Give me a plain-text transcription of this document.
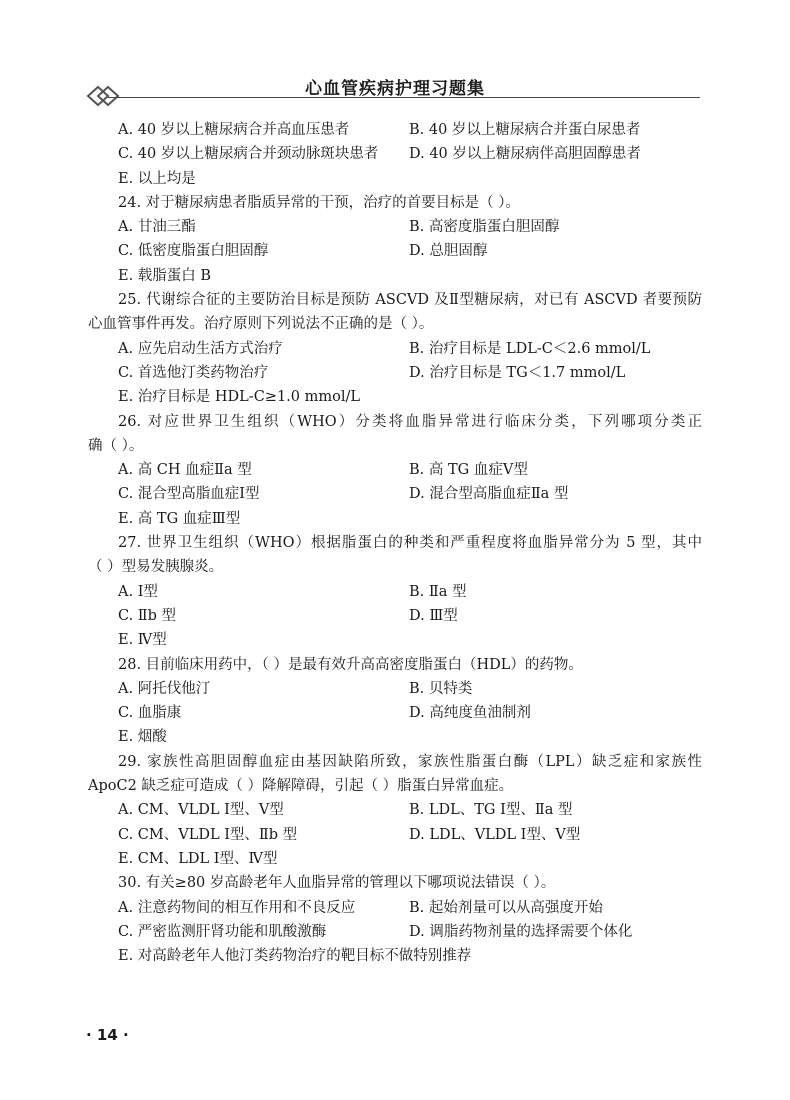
心血管疾病护理习题集
A. 40 岁以上糖尿病合并高血压患者	B. 40 岁以上糖尿病合并蛋白尿患者
C. 40 岁以上糖尿病合并颈动脉斑块患者	D. 40 岁以上糖尿病伴高胆固醇患者
E. 以上均是
24. 对于糖尿病患者脂质异常的干预，治疗的首要目标是（ ）。
A. 甘油三酯	B. 高密度脂蛋白胆固醇
C. 低密度脂蛋白胆固醇	D. 总胆固醇
E. 载脂蛋白 B
25. 代谢综合征的主要防治目标是预防 ASCVD 及Ⅱ型糖尿病，对已有 ASCVD 者要预防
心血管事件再发。治疗原则下列说法不正确的是（ ）。
A. 应先启动生活方式治疗	B. 治疗目标是 LDL-C＜2.6 mmol/L
C. 首选他汀类药物治疗	D. 治疗目标是 TG＜1.7 mmol/L
E. 治疗目标是 HDL-C≥1.0 mmol/L
26. 对应世界卫生组织（WHO）分类将血脂异常进行临床分类，下列哪项分类正
确（ ）。
A. 高 CH 血症Ⅱa 型	B. 高 TG 血症Ⅴ型
C. 混合型高脂血症Ⅰ型	D. 混合型高脂血症Ⅱa 型
E. 高 TG 血症Ⅲ型
27. 世界卫生组织（WHO）根据脂蛋白的种类和严重程度将血脂异常分为 5 型，其中
（ ）型易发胰腺炎。
A. Ⅰ型	B. Ⅱa 型
C. Ⅱb 型	D. Ⅲ型
E. Ⅳ型
28. 目前临床用药中，（ ）是最有效升高高密度脂蛋白（HDL）的药物。
A. 阿托伐他汀	B. 贝特类
C. 血脂康	D. 高纯度鱼油制剂
E. 烟酸
29. 家族性高胆固醇血症由基因缺陷所致，家族性脂蛋白酶（LPL）缺乏症和家族性
ApoC2 缺乏症可造成（ ）降解障碍，引起（ ）脂蛋白异常血症。
A. CM、VLDL Ⅰ型、Ⅴ型	B. LDL、TG Ⅰ型、Ⅱa 型
C. CM、VLDL Ⅰ型、Ⅱb 型	D. LDL、VLDL Ⅰ型、Ⅴ型
E. CM、LDL Ⅰ型、Ⅳ型
30. 有关≥80 岁高龄老年人血脂异常的管理以下哪项说法错误（ ）。
A. 注意药物间的相互作用和不良反应	B. 起始剂量可以从高强度开始
C. 严密监测肝肾功能和肌酸激酶	D. 调脂药物剂量的选择需要个体化
E. 对高龄老年人他汀类药物治疗的靶目标不做特别推荐
· 14 ·
